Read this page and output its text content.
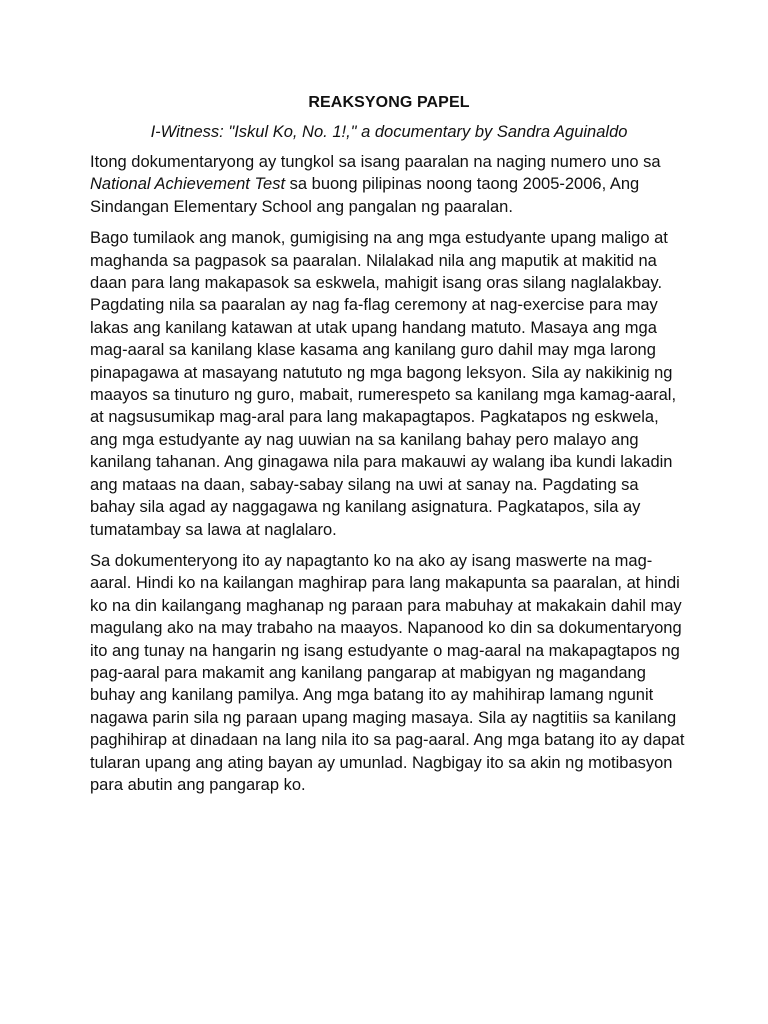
REAKSYONG PAPEL
I-Witness: "Iskul Ko, No. 1!," a documentary by Sandra Aguinaldo

Itong dokumentaryong ay tungkol sa isang paaralan na naging numero uno sa National Achievement Test sa buong pilipinas noong taong 2005-2006, Ang Sindangan Elementary School ang pangalan ng paaralan.

Bago tumilaok ang manok, gumigising na ang mga estudyante upang maligo at maghanda sa pagpasok sa paaralan. Nilalakad nila ang maputik at makitid na daan para lang makapasok sa eskwela, mahigit isang oras silang naglalakbay. Pagdating nila sa paaralan ay nag fa-flag ceremony at nag-exercise para may lakas ang kanilang katawan at utak upang handang matuto. Masaya ang mga mag-aaral sa kanilang klase kasama ang kanilang guro dahil may mga larong pinapagawa at masayang natututo ng mga bagong leksyon. Sila ay nakikinig ng maayos sa tinuturo ng guro, mabait, rumerespeto sa kanilang mga kamag-aaral, at nagsusumikap mag-aral para lang makapagtapos. Pagkatapos ng eskwela, ang mga estudyante ay nag uuwian na sa kanilang bahay pero malayo ang kanilang tahanan. Ang ginagawa nila para makauwi ay walang iba kundi lakadin ang mataas na daan, sabay-sabay silang na uwi at sanay na. Pagdating sa bahay sila agad ay naggagawa ng kanilang asignatura. Pagkatapos, sila ay tumatambay sa lawa at naglalaro.

Sa dokumenteryong ito ay napagtanto ko na ako ay isang maswerte na mag-aaral. Hindi ko na kailangan maghirap para lang makapunta sa paaralan, at hindi ko na din kailangang maghanap ng paraan para mabuhay at makakain dahil may magulang ako na may trabaho na maayos. Napanood ko din sa dokumentaryong ito ang tunay na hangarin ng isang estudyante o mag-aaral na makapagtapos ng pag-aaral para makamit ang kanilang pangarap at mabigyan ng magandang buhay ang kanilang pamilya. Ang mga batang ito ay mahihirap lamang ngunit nagawa parin sila ng paraan upang maging masaya. Sila ay nagtitiis sa kanilang paghihirap at dinadaan na lang nila ito sa pag-aaral. Ang mga batang ito ay dapat tularan upang ang ating bayan ay umunlad. Nagbigay ito sa akin ng motibasyon para abutin ang pangarap ko.
